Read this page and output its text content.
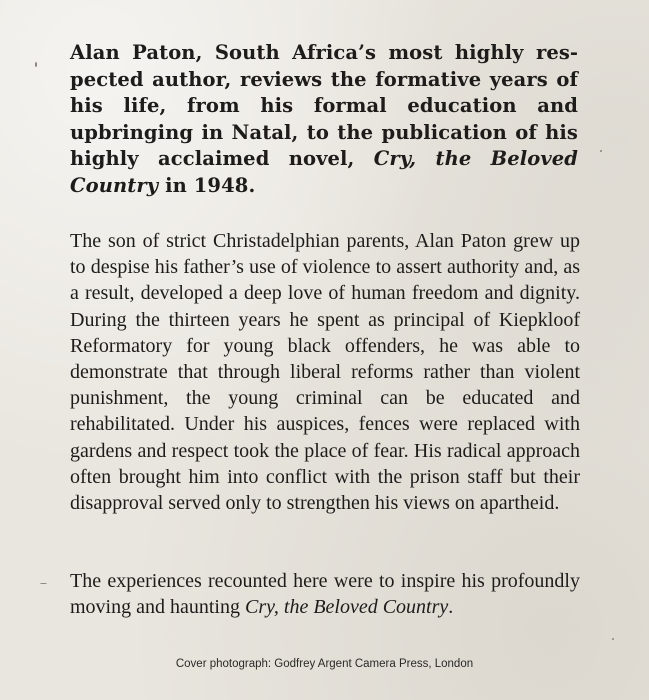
Alan Paton, South Africa’s most highly respected author, reviews the formative years of his life, from his formal education and upbringing in Natal, to the publication of his highly acclaimed novel, Cry, the Beloved Country in 1948.

The son of strict Christadelphian parents, Alan Paton grew up to despise his father’s use of violence to assert authority and, as a result, developed a deep love of human freedom and dignity. During the thirteen years he spent as principal of Kiepkloof Reformatory for young black offenders, he was able to demonstrate that through liberal reforms rather than violent punishment, the young criminal can be educated and rehabilitated. Under his auspices, fences were replaced with gardens and respect took the place of fear. His radical approach often brought him into conflict with the prison staff but their disapproval served only to strengthen his views on apartheid.

The experiences recounted here were to inspire his profoundly moving and haunting Cry, the Beloved Country.

Cover photograph: Godfrey Argent Camera Press, London
